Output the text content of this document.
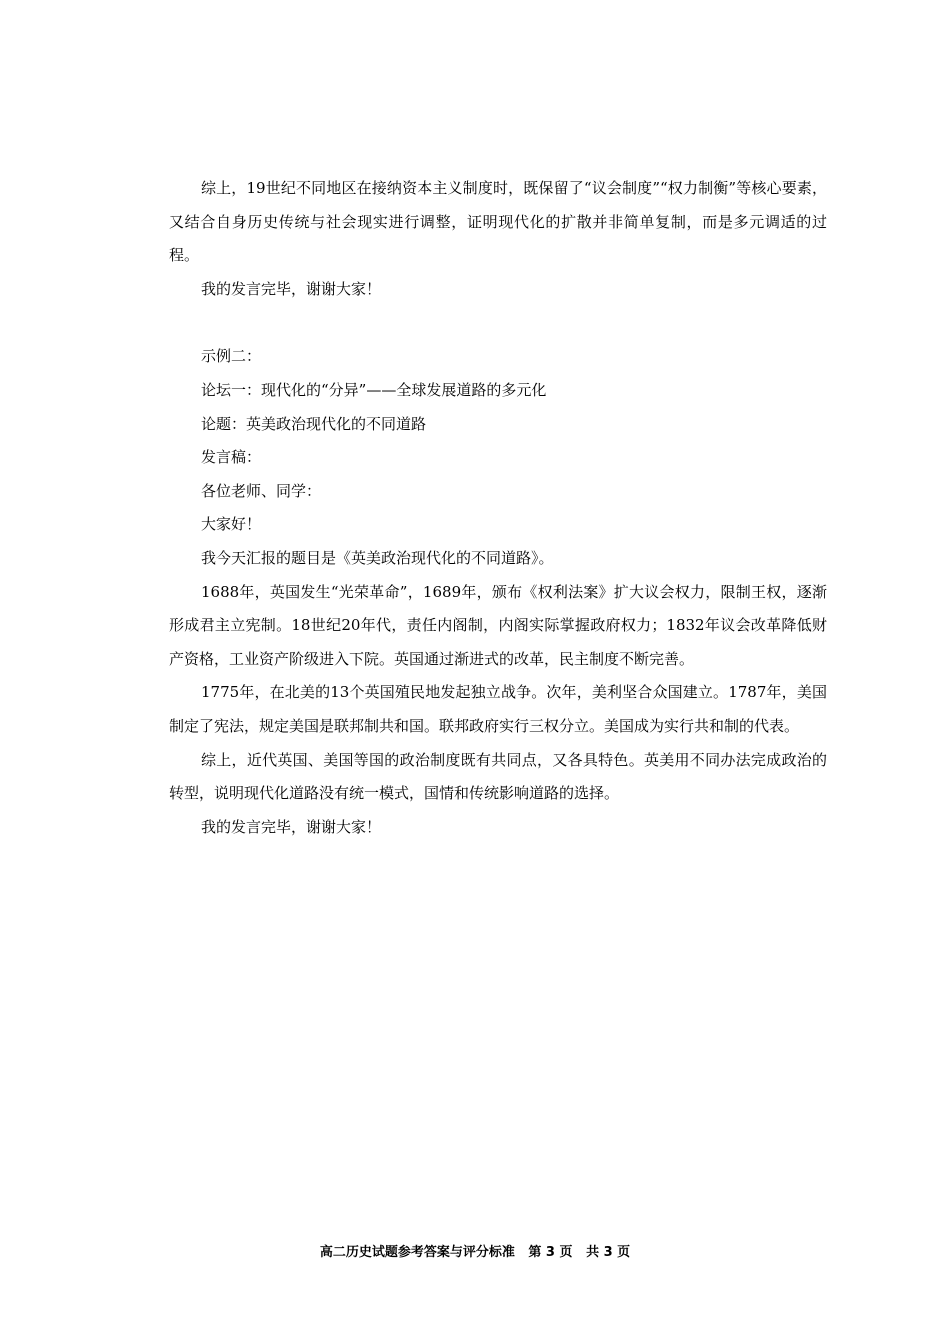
综上，19世纪不同地区在接纳资本主义制度时，既保留了“议会制度”“权力制衡”等核心要素，又结合自身历史传统与社会现实进行调整，证明现代化的扩散并非简单复制，而是多元调适的过程。

我的发言完毕，谢谢大家！

示例二：

论坛一：现代化的“分异”——全球发展道路的多元化

论题：英美政治现代化的不同道路

发言稿：

各位老师、同学：

大家好！

我今天汇报的题目是《英美政治现代化的不同道路》。

1688年，英国发生“光荣革命”，1689年，颁布《权利法案》扩大议会权力，限制王权，逐渐形成君主立宪制。18世纪20年代，责任内阁制，内阁实际掌握政府权力；1832年议会改革降低财产资格，工业资产阶级进入下院。英国通过渐进式的改革，民主制度不断完善。

1775年，在北美的13个英国殖民地发起独立战争。次年，美利坚合众国建立。1787年，美国制定了宪法，规定美国是联邦制共和国。联邦政府实行三权分立。美国成为实行共和制的代表。

综上，近代英国、美国等国的政治制度既有共同点，又各具特色。英美用不同办法完成政治的转型，说明现代化道路没有统一模式，国情和传统影响道路的选择。

我的发言完毕，谢谢大家！

高二历史试题参考答案与评分标准   第 3 页   共 3 页
